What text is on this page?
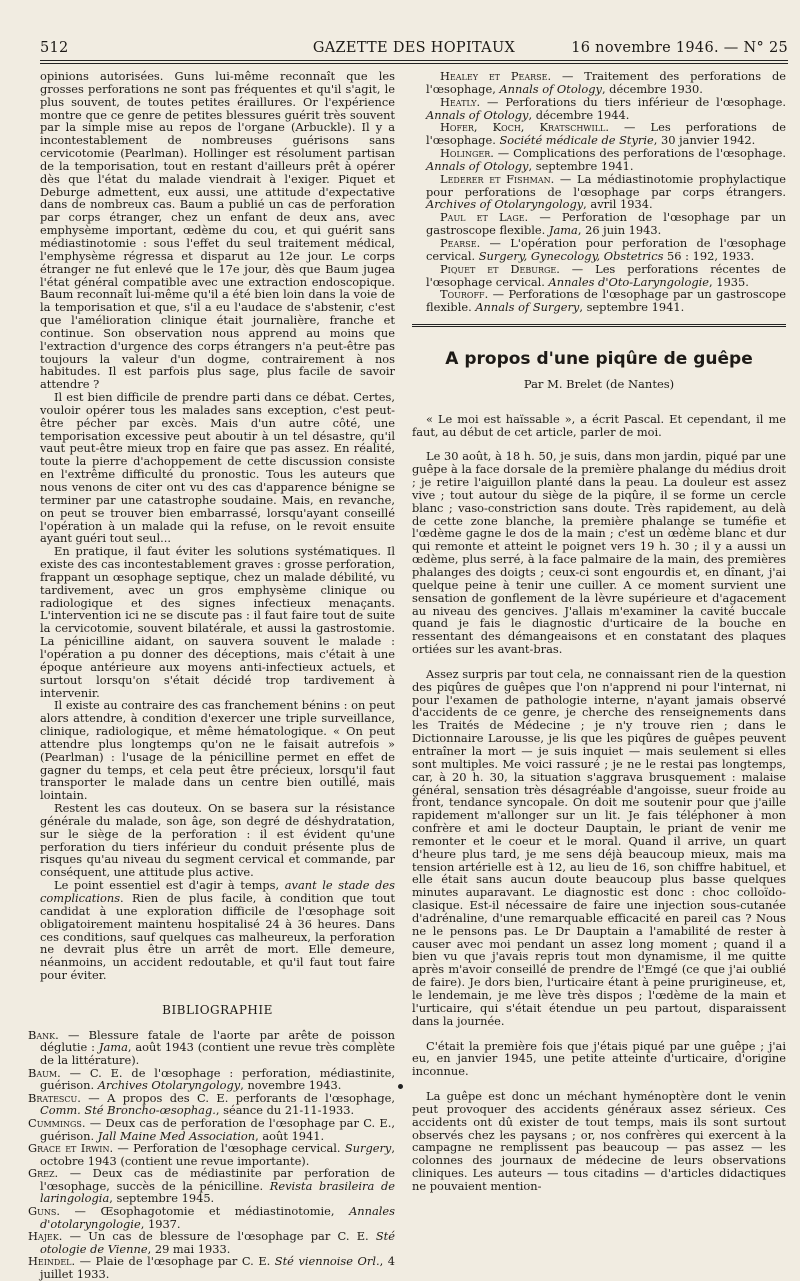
512	GAZETTE DES HOPITAUX	16 novembre 1946. — N° 25

opinions autorisées. Guns lui-même reconnaît que les grosses perforations ne sont pas fréquentes et qu'il s'agit, le plus souvent, de toutes petites éraillures. Or l'expérience montre que ce genre de petites blessures guérit très souvent par la simple mise au repos de l'organe (Arbuckle). Il y a incontestablement de nombreuses guérisons sans cervicotomie (Pearlman). Hollinger est résolument partisan de la temporisation, tout en restant d'ailleurs prêt à opérer dès que l'état du malade viendrait à l'exiger. Piquet et Deburge admettent, eux aussi, une attitude d'expectative dans de nombreux cas. Baum a publié un cas de perforation par corps étranger, chez un enfant de deux ans, avec emphysème important, œdème du cou, et qui guérit sans médiastinotomie : sous l'effet du seul traitement médical, l'emphysème régressa et disparut au 12e jour. Le corps étranger ne fut enlevé que le 17e jour, dès que Baum jugea l'état général compatible avec une extraction endoscopique. Baum reconnaît lui-même qu'il a été bien loin dans la voie de la temporisation et que, s'il a eu l'audace de s'abstenir, c'est que l'amélioration clinique était journalière, franche et continue. Son observation nous apprend au moins que l'extraction d'urgence des corps étrangers n'a peut-être pas toujours la valeur d'un dogme, contrairement à nos habitudes. Il est parfois plus sage, plus facile de savoir attendre ?

Il est bien difficile de prendre parti dans ce débat. Certes, vouloir opérer tous les malades sans exception, c'est peut-être pécher par excès. Mais d'un autre côté, une temporisation excessive peut aboutir à un tel désastre, qu'il vaut peut-être mieux trop en faire que pas assez. En réalité, toute la pierre d'achoppement de cette discussion consiste en l'extrême difficulté du pronostic. Tous les auteurs que nous venons de citer ont vu des cas d'apparence bénigne se terminer par une catastrophe soudaine. Mais, en revanche, on peut se trouver bien embarrassé, lorsqu'ayant conseillé l'opération à un malade qui la refuse, on le revoit ensuite ayant guéri tout seul...

En pratique, il faut éviter les solutions systématiques. Il existe des cas incontestablement graves : grosse perforation, frappant un œsophage septique, chez un malade débilité, vu tardivement, avec un gros emphysème clinique ou radiologique et des signes infectieux menaçants. L'intervention ici ne se discute pas : il faut faire tout de suite la cervicotomie, souvent bilatérale, et aussi la gastrostomie. La pénicilline aidant, on sauvera souvent le malade : l'opération a pu donner des déceptions, mais c'était à une époque antérieure aux moyens anti-infectieux actuels, et surtout lorsqu'on s'était décidé trop tardivement à intervenir.

Il existe au contraire des cas franchement bénins : on peut alors attendre, à condition d'exercer une triple surveillance, clinique, radiologique, et même hématologique. « On peut attendre plus longtemps qu'on ne le faisait autrefois » (Pearlman) : l'usage de la pénicilline permet en effet de gagner du temps, et cela peut être précieux, lorsqu'il faut transporter le malade dans un centre bien outillé, mais lointain.

Restent les cas douteux. On se basera sur la résistance générale du malade, son âge, son degré de déshydratation, sur le siège de la perforation : il est évident qu'une perforation du tiers inférieur du conduit présente plus de risques qu'au niveau du segment cervical et commande, par conséquent, une attitude plus active.

Le point essentiel est d'agir à temps, avant le stade des complications. Rien de plus facile, à condition que tout candidat à une exploration difficile de l'œsophage soit obligatoirement maintenu hospitalisé 24 à 36 heures. Dans ces conditions, sauf quelques cas malheureux, la perforation ne devrait plus être un arrêt de mort. Elle demeure, néanmoins, un accident redoutable, et qu'il faut tout faire pour éviter.

BIBLIOGRAPHIE

Bank. — Blessure fatale de l'aorte par arête de poisson déglutie : Jama, août 1943 (contient une revue très complète de la littérature).

Baum. — C. E. de l'œsophage : perforation, médiastinite, guérison. Archives Otolaryngology, novembre 1943.

Bratescu. — A propos des C. E. perforants de l'œsophage, Comm. Sté Broncho-œsophag., séance du 21-11-1933.

Cummings. — Deux cas de perforation de l'œsophage par C. E., guérison. Jall Maine Med Association, août 1941.

Grace et Irwin. — Perforation de l'œsophage cervical. Surgery, octobre 1943 (contient une revue importante).

Grez. — Deux cas de médiastinite par perforation de l'œsophage, succès de la pénicilline. Revista brasileira de laringologia, septembre 1945.

Guns. — Œsophagotomie et médiastinotomie, Annales d'otolaryngologie, 1937.

Hajek. — Un cas de blessure de l'œsophage par C. E. Sté otologie de Vienne, 29 mai 1933.

Heindel. — Plaie de l'œsophage par C. E. Sté viennoise Orl., 4 juillet 1933.

Healey et Pearse. — Traitement des perforations de l'œsophage, Annals of Otology, décembre 1930.

Heatly. — Perforations du tiers inférieur de l'œsophage. Annals of Otology, décembre 1944.

Hofer, Koch, Kratschwill. — Les perforations de l'œsophage. Société médicale de Styrie, 30 janvier 1942.

Holinger. — Complications des perforations de l'œsophage. Annals of Otology, septembre 1941.

Lederer et Fishman. — La médiastinotomie prophylactique pour perforations de l'œsophage par corps étrangers. Archives of Otolaryngology, avril 1934.

Paul et Lage. — Perforation de l'œsophage par un gastroscope flexible. Jama, 26 juin 1943.

Pearse. — L'opération pour perforation de l'œsophage cervical. Surgery, Gynecology, Obstetrics 56 : 192, 1933.

Piquet et Deburge. — Les perforations récentes de l'œsophage cervical. Annales d'Oto-Laryngologie, 1935.

Touroff. — Perforations de l'œsophage par un gastroscope flexible. Annals of Surgery, septembre 1941.

A propos d'une piqûre de guêpe
Par M. Brelet (de Nantes)

« Le moi est haïssable », a écrit Pascal. Et cependant, il me faut, au début de cet article, parler de moi.

Le 30 août, à 18 h. 50, je suis, dans mon jardin, piqué par une guêpe à la face dorsale de la première phalange du médius droit ; je retire l'aiguillon planté dans la peau. La douleur est assez vive ; tout autour du siège de la piqûre, il se forme un cercle blanc ; vaso-constriction sans doute. Très rapidement, au delà de cette zone blanche, la première phalange se tuméfie et l'œdème gagne le dos de la main ; c'est un œdème blanc et dur qui remonte et atteint le poignet vers 19 h. 30 ; il y a aussi un œdème, plus serré, à la face palmaire de la main, des premières phalanges des doigts ; ceux-ci sont engourdis et, en dînant, j'ai quelque peine à tenir une cuiller. A ce moment survient une sensation de gonflement de la lèvre supérieure et d'agacement au niveau des gencives. J'allais m'examiner la cavité buccale quand je fais le diagnostic d'urticaire de la bouche en ressentant des démangeaisons et en constatant des plaques ortiées sur les avant-bras.

Assez surpris par tout cela, ne connaissant rien de la question des piqûres de guêpes que l'on n'apprend ni pour l'internat, ni pour l'examen de pathologie interne, n'ayant jamais observé d'accidents de ce genre, je cherche des renseignements dans les Traités de Médecine ; je n'y trouve rien ; dans le Dictionnaire Larousse, je lis que les piqûres de guêpes peuvent entraîner la mort — je suis inquiet — mais seulement si elles sont multiples. Me voici rassuré ; je ne le restai pas longtemps, car, à 20 h. 30, la situation s'aggrava brusquement : malaise général, sensation très désagréable d'angoisse, sueur froide au front, tendance syncopale. On doit me soutenir pour que j'aille rapidement m'allonger sur un lit. Je fais téléphoner à mon confrère et ami le docteur Dauptain, le priant de venir me remonter et le coeur et le moral. Quand il arrive, un quart d'heure plus tard, je me sens déjà beaucoup mieux, mais ma tension artérielle est à 12, au lieu de 16, son chiffre habituel, et elle était sans aucun doute beaucoup plus basse quelques minutes auparavant. Le diagnostic est donc : choc colloïdo-clasique. Est-il nécessaire de faire une injection sous-cutanée d'adrénaline, d'une remarquable efficacité en pareil cas ? Nous ne le pensons pas. Le Dr Dauptain a l'amabilité de rester à causer avec moi pendant un assez long moment ; quand il a bien vu que j'avais repris tout mon dynamisme, il me quitte après m'avoir conseillé de prendre de l'Emgé (ce que j'ai oublié de faire). Je dors bien, l'urticaire étant à peine prurigineuse, et, le lendemain, je me lève très dispos ; l'œdème de la main et l'urticaire, qui s'était étendue un peu partout, disparaissent dans la journée.

C'était la première fois que j'étais piqué par une guêpe ; j'ai eu, en janvier 1945, une petite atteinte d'urticaire, d'origine inconnue.

La guêpe est donc un méchant hyménoptère dont le venin peut provoquer des accidents généraux assez sérieux. Ces accidents ont dû exister de tout temps, mais ils sont surtout observés chez les paysans ; or, nos confrères qui exercent à la campagne ne remplissent pas beaucoup — pas assez — les colonnes des journaux de médecine de leurs observations cliniques. Les auteurs — tous citadins — d'articles didactiques ne pouvaient mention-
